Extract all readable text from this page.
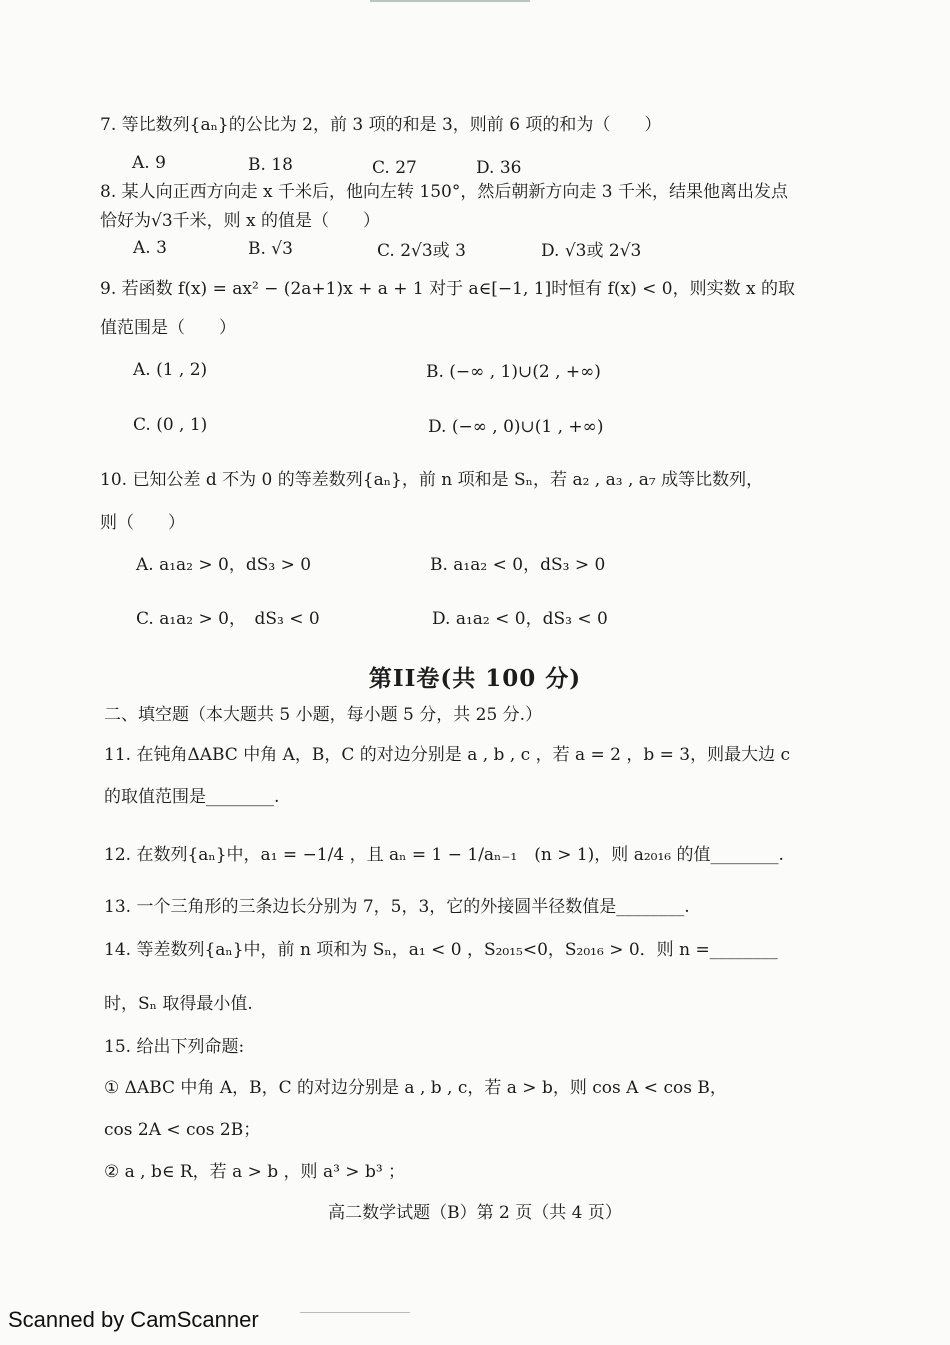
7. 等比数列{aₙ}的公比为 2，前 3 项的和是 3，则前 6 项的和为（　　）
A. 9	B. 18	C. 27	D. 36
8. 某人向正西方向走 x 千米后，他向左转 150°，然后朝新方向走 3 千米，结果他离出发点
恰好为√3千米，则 x 的值是（　　）
A. 3	B. √3	C. 2√3或 3	D. √3或 2√3
9. 若函数 f(x) = ax² − (2a+1)x + a + 1 对于 a∈[−1, 1]时恒有 f(x) < 0，则实数 x 的取
值范围是（　　）
A. (1 , 2)	B. (−∞ , 1)∪(2 , +∞)
C. (0 , 1)	D. (−∞ , 0)∪(1 , +∞)
10. 已知公差 d 不为 0 的等差数列{aₙ}，前 n 项和是 Sₙ，若 a₂ , a₃ , a₇ 成等比数列，
则（　　）
A. a₁a₂ > 0，dS₃ > 0	B. a₁a₂ < 0，dS₃ > 0
C. a₁a₂ > 0，　dS₃ < 0	D. a₁a₂ < 0，dS₃ < 0
第II卷(共 100 分)
二、填空题（本大题共 5 小题，每小题 5 分，共 25 分.）
11. 在钝角ΔABC 中角 A，B，C 的对边分别是 a , b , c ，若 a = 2 ，b = 3，则最大边 c
的取值范围是________.
12. 在数列{aₙ}中，a₁ = −1/4 ，且 aₙ = 1 − 1/aₙ₋₁　(n > 1)，则 a₂₀₁₆ 的值________.
13. 一个三角形的三条边长分别为 7，5，3，它的外接圆半径数值是________.
14. 等差数列{aₙ}中，前 n 项和为 Sₙ，a₁ < 0 ，S₂₀₁₅<0，S₂₀₁₆ > 0．则 n =________
时，Sₙ 取得最小值.
15. 给出下列命题:
① ΔABC 中角 A，B，C 的对边分别是 a , b , c，若 a > b，则 cos A < cos B，
cos 2A < cos 2B；
② a , b∈ R，若 a > b ，则 a³ > b³ ；
高二数学试题（B）第 2 页（共 4 页）
Scanned by CamScanner
